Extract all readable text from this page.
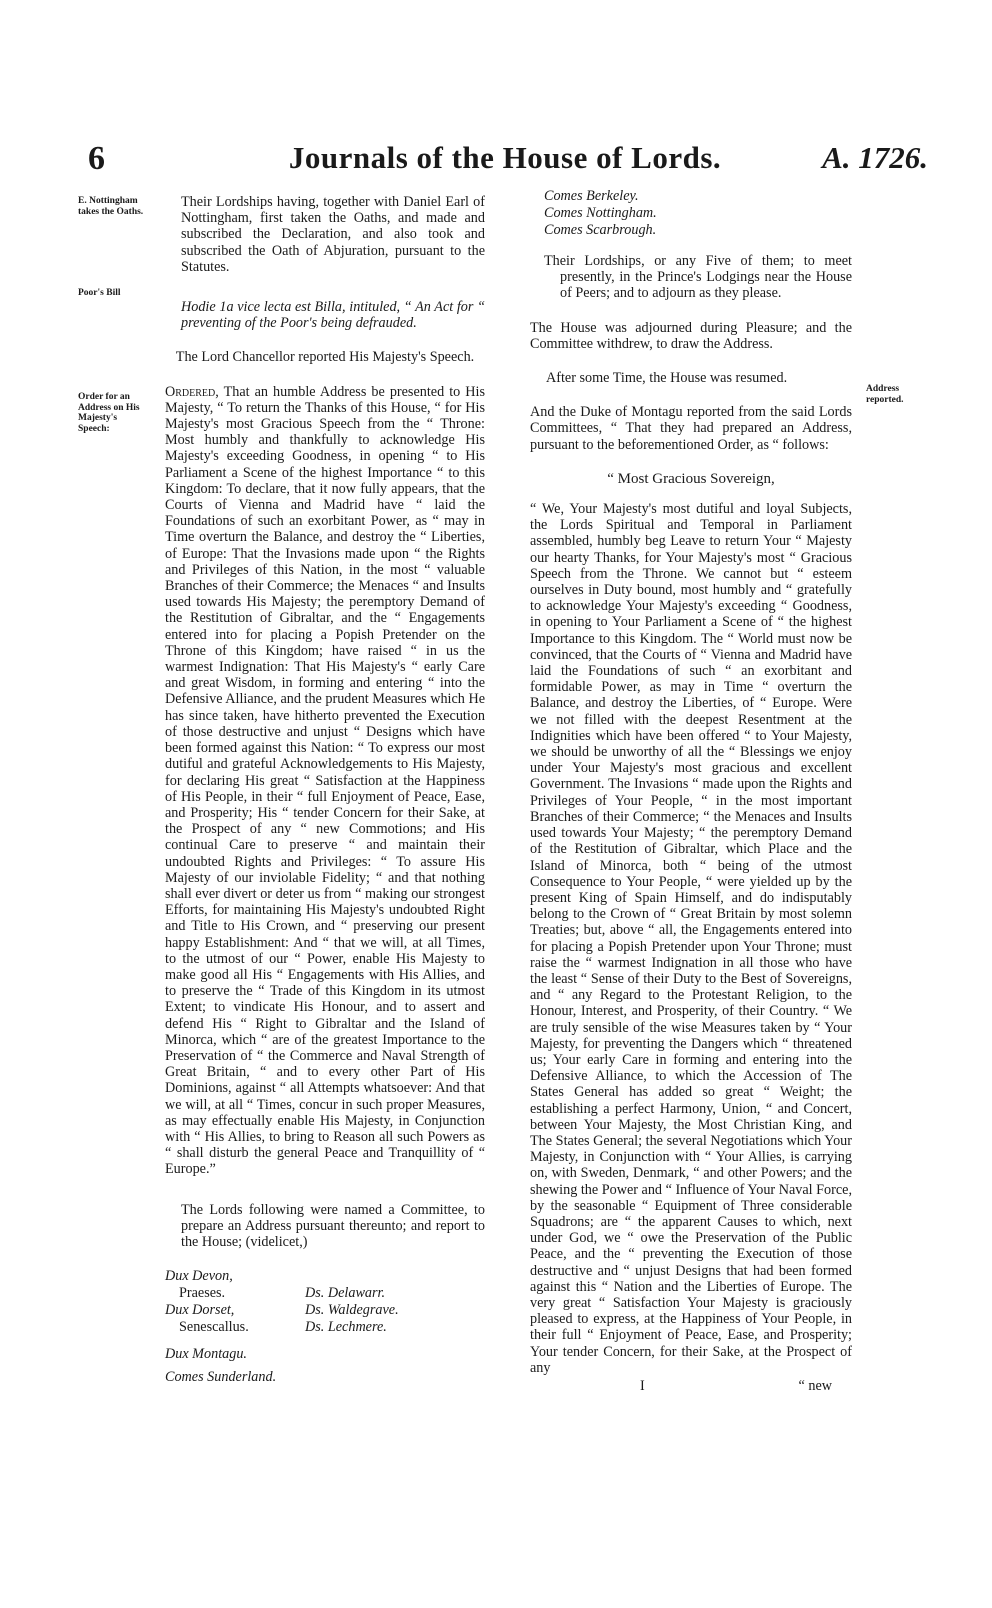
6	Journals of the House of Lords.	A. 1726.
E. Nottingham takes the Oaths.
Poor's Bill
Order for an Address on His Majesty's Speech:
Address reported.

Their Lordships having, together with Daniel Earl of Nottingham, first taken the Oaths, and made and subscribed the Declaration, and also took and subscribed the Oath of Abjuration, pursuant to the Statutes.

Hodie 1a vice lecta est Billa, intituled, “ An Act for “ preventing of the Poor's being defrauded.

The Lord Chancellor reported His Majesty's Speech.

Ordered, That an humble Address be presented to His Majesty, “ To return the Thanks of this House, “ for His Majesty's most Gracious Speech from the “ Throne: Most humbly and thankfully to acknowledge His Majesty's exceeding Goodness, in opening “ to His Parliament a Scene of the highest Importance “ to this Kingdom: To declare, that it now fully appears, that the Courts of Vienna and Madrid have “ laid the Foundations of such an exorbitant Power, as “ may in Time overturn the Balance, and destroy the “ Liberties, of Europe: That the Invasions made upon “ the Rights and Privileges of this Nation, in the most “ valuable Branches of their Commerce; the Menaces “ and Insults used towards His Majesty; the peremptory Demand of the Restitution of Gibraltar, and the “ Engagements entered into for placing a Popish Pretender on the Throne of this Kingdom; have raised “ in us the warmest Indignation: That His Majesty's “ early Care and great Wisdom, in forming and entering “ into the Defensive Alliance, and the prudent Measures which He has since taken, have hitherto prevented the Execution of those destructive and unjust “ Designs which have been formed against this Nation: “ To express our most dutiful and grateful Acknowledgements to His Majesty, for declaring His great “ Satisfaction at the Happiness of His People, in their “ full Enjoyment of Peace, Ease, and Prosperity; His “ tender Concern for their Sake, at the Prospect of any “ new Commotions; and His continual Care to preserve “ and maintain their undoubted Rights and Privileges: “ To assure His Majesty of our inviolable Fidelity; “ and that nothing shall ever divert or deter us from “ making our strongest Efforts, for maintaining His Majesty's undoubted Right and Title to His Crown, and “ preserving our present happy Establishment: And “ that we will, at all Times, to the utmost of our “ Power, enable His Majesty to make good all His “ Engagements with His Allies, and to preserve the “ Trade of this Kingdom in its utmost Extent; to vindicate His Honour, and to assert and defend His “ Right to Gibraltar and the Island of Minorca, which “ are of the greatest Importance to the Preservation of “ the Commerce and Naval Strength of Great Britain, “ and to every other Part of His Dominions, against “ all Attempts whatsoever: And that we will, at all “ Times, concur in such proper Measures, as may effectually enable His Majesty, in Conjunction with “ His Allies, to bring to Reason all such Powers as “ shall disturb the general Peace and Tranquillity of “ Europe.”

The Lords following were named a Committee, to prepare an Address pursuant thereunto; and report to the House; (videlicet,)

Dux Devon,
Praeses.	Ds. Delawarr.
Dux Dorset,	Ds. Waldegrave.
Senescallus.	Ds. Lechmere.
Dux Montagu.
Comes Sunderland.
Comes Berkeley.
Comes Nottingham.
Comes Scarbrough.

Their Lordships, or any Five of them; to meet presently, in the Prince's Lodgings near the House of Peers; and to adjourn as they please.

The House was adjourned during Pleasure; and the Committee withdrew, to draw the Address.

After some Time, the House was resumed.

And the Duke of Montagu reported from the said Lords Committees, “ That they had prepared an Address, pursuant to the beforementioned Order, as “ follows:

“ Most Gracious Sovereign,

“ We, Your Majesty's most dutiful and loyal Subjects, the Lords Spiritual and Temporal in Parliament assembled, humbly beg Leave to return Your “ Majesty our hearty Thanks, for Your Majesty's most “ Gracious Speech from the Throne. We cannot but “ esteem ourselves in Duty bound, most humbly and “ gratefully to acknowledge Your Majesty's exceeding “ Goodness, in opening to Your Parliament a Scene of “ the highest Importance to this Kingdom. The “ World must now be convinced, that the Courts of “ Vienna and Madrid have laid the Foundations of such “ an exorbitant and formidable Power, as may in Time “ overturn the Balance, and destroy the Liberties, of “ Europe. Were we not filled with the deepest Resentment at the Indignities which have been offered “ to Your Majesty, we should be unworthy of all the “ Blessings we enjoy under Your Majesty's most gracious and excellent Government. The Invasions “ made upon the Rights and Privileges of Your People, “ in the most important Branches of their Commerce; “ the Menaces and Insults used towards Your Majesty; “ the peremptory Demand of the Restitution of Gibraltar, which Place and the Island of Minorca, both “ being of the utmost Consequence to Your People, “ were yielded up by the present King of Spain Himself, and do indisputably belong to the Crown of “ Great Britain by most solemn Treaties; but, above “ all, the Engagements entered into for placing a Popish Pretender upon Your Throne; must raise the “ warmest Indignation in all those who have the least “ Sense of their Duty to the Best of Sovereigns, and “ any Regard to the Protestant Religion, to the Honour, Interest, and Prosperity, of their Country. “ We are truly sensible of the wise Measures taken by “ Your Majesty, for preventing the Dangers which “ threatened us; Your early Care in forming and entering into the Defensive Alliance, to which the Accession of The States General has added so great “ Weight; the establishing a perfect Harmony, Union, “ and Concert, between Your Majesty, the Most Christian King, and The States General; the several Negotiations which Your Majesty, in Conjunction with “ Your Allies, is carrying on, with Sweden, Denmark, “ and other Powers; and the shewing the Power and “ Influence of Your Naval Force, by the seasonable “ Equipment of Three considerable Squadrons; are “ the apparent Causes to which, next under God, we “ owe the Preservation of the Public Peace, and the “ preventing the Execution of those destructive and “ unjust Designs that had been formed against this “ Nation and the Liberties of Europe. The very great “ Satisfaction Your Majesty is graciously pleased to express, at the Happiness of Your People, in their full “ Enjoyment of Peace, Ease, and Prosperity; Your tender Concern, for their Sake, at the Prospect of any

I	“ new
